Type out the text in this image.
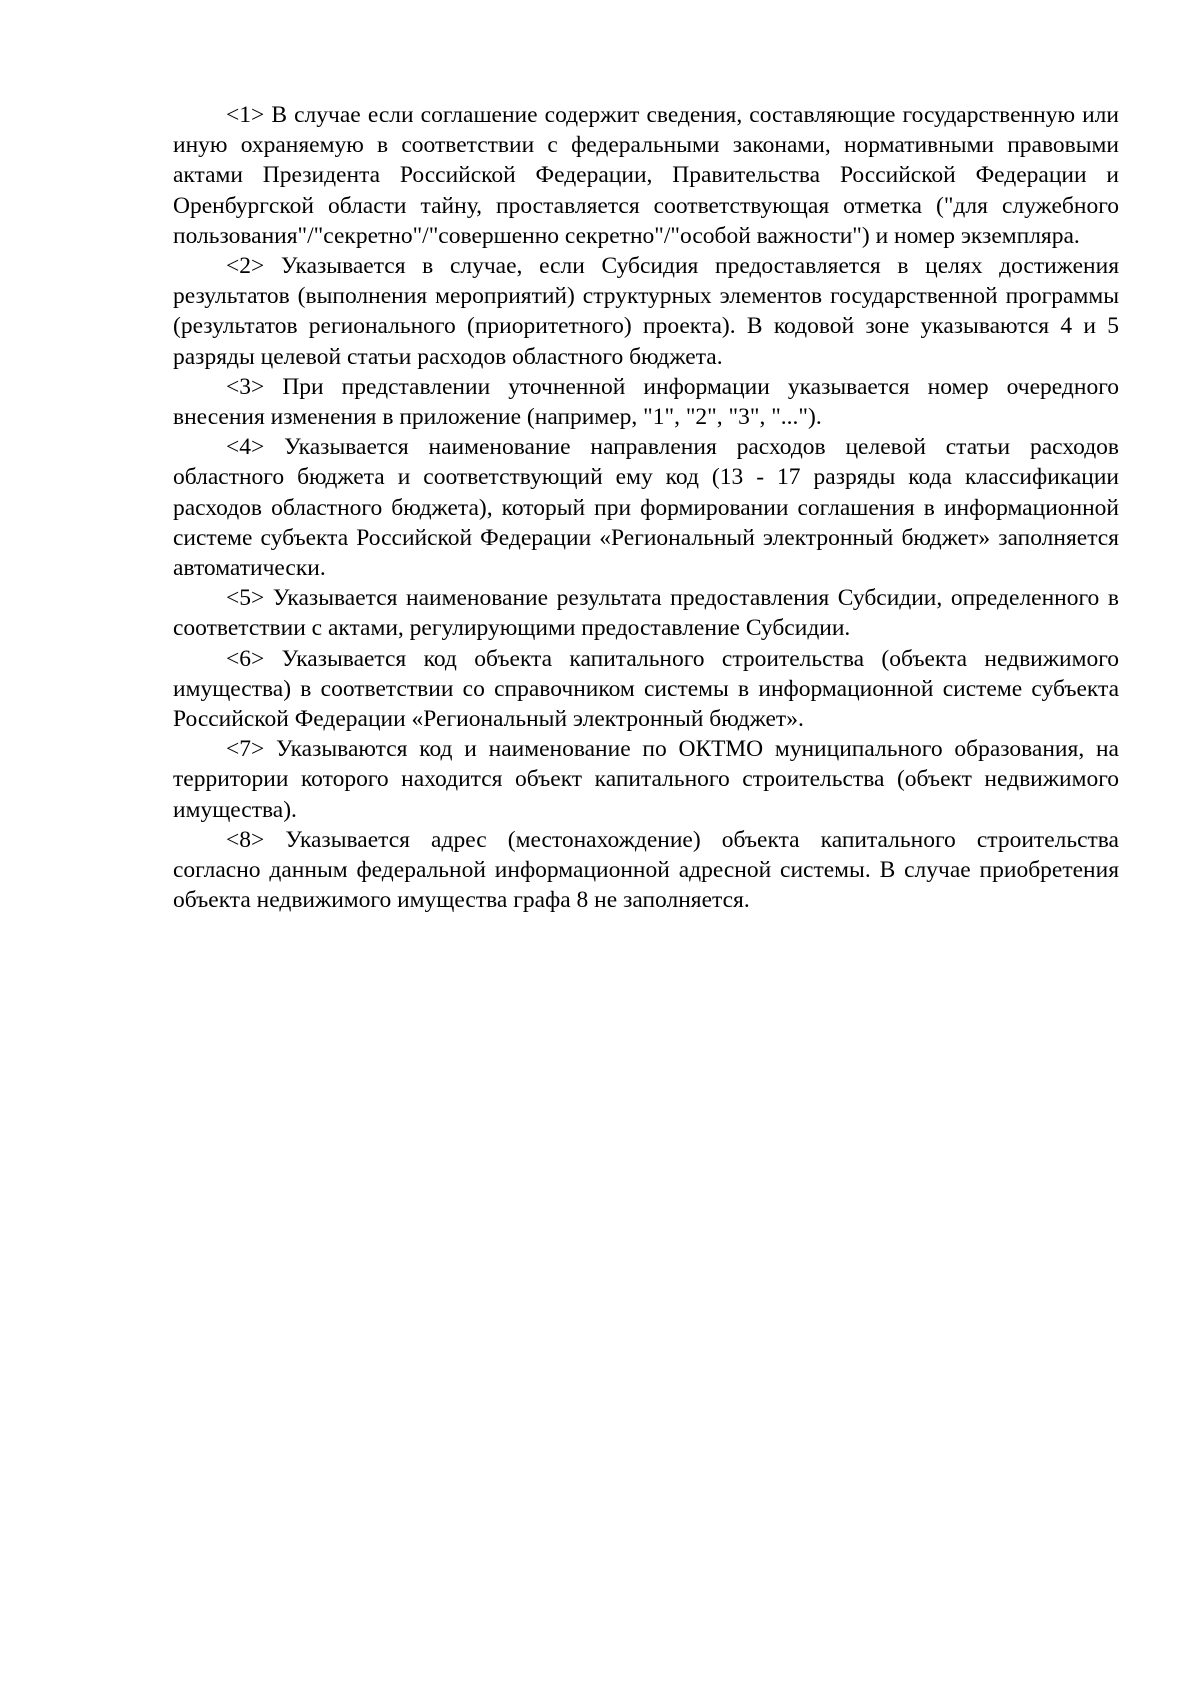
<1> В случае если соглашение содержит сведения, составляющие государственную или иную охраняемую в соответствии с федеральными законами, нормативными правовыми актами Президента Российской Федерации, Правительства Российской Федерации и Оренбургской области тайну, проставляется соответствующая отметка ("для служебного пользования"/"секретно"/"совершенно секретно"/"особой важности") и номер экземпляра.

<2> Указывается в случае, если Субсидия предоставляется в целях достижения результатов (выполнения мероприятий) структурных элементов государственной программы (результатов регионального (приоритетного) проекта). В кодовой зоне указываются 4 и 5 разряды целевой статьи расходов областного бюджета.

<3> При представлении уточненной информации указывается номер очередного внесения изменения в приложение (например, "1", "2", "3", "...").

<4> Указывается наименование направления расходов целевой статьи расходов областного бюджета и соответствующий ему код (13 - 17 разряды кода классификации расходов областного бюджета), который при формировании соглашения в информационной системе субъекта Российской Федерации «Региональный электронный бюджет» заполняется автоматически.

<5> Указывается наименование результата предоставления Субсидии, определенного в соответствии с актами, регулирующими предоставление Субсидии.

<6> Указывается код объекта капитального строительства (объекта недвижимого имущества) в соответствии со справочником системы в информационной системе субъекта Российской Федерации «Региональный электронный бюджет».

<7> Указываются код и наименование по ОКТМО муниципального образования, на территории которого находится объект капитального строительства (объект недвижимого имущества).

<8> Указывается адрес (местонахождение) объекта капитального строительства согласно данным федеральной информационной адресной системы. В случае приобретения объекта недвижимого имущества графа 8 не заполняется.
